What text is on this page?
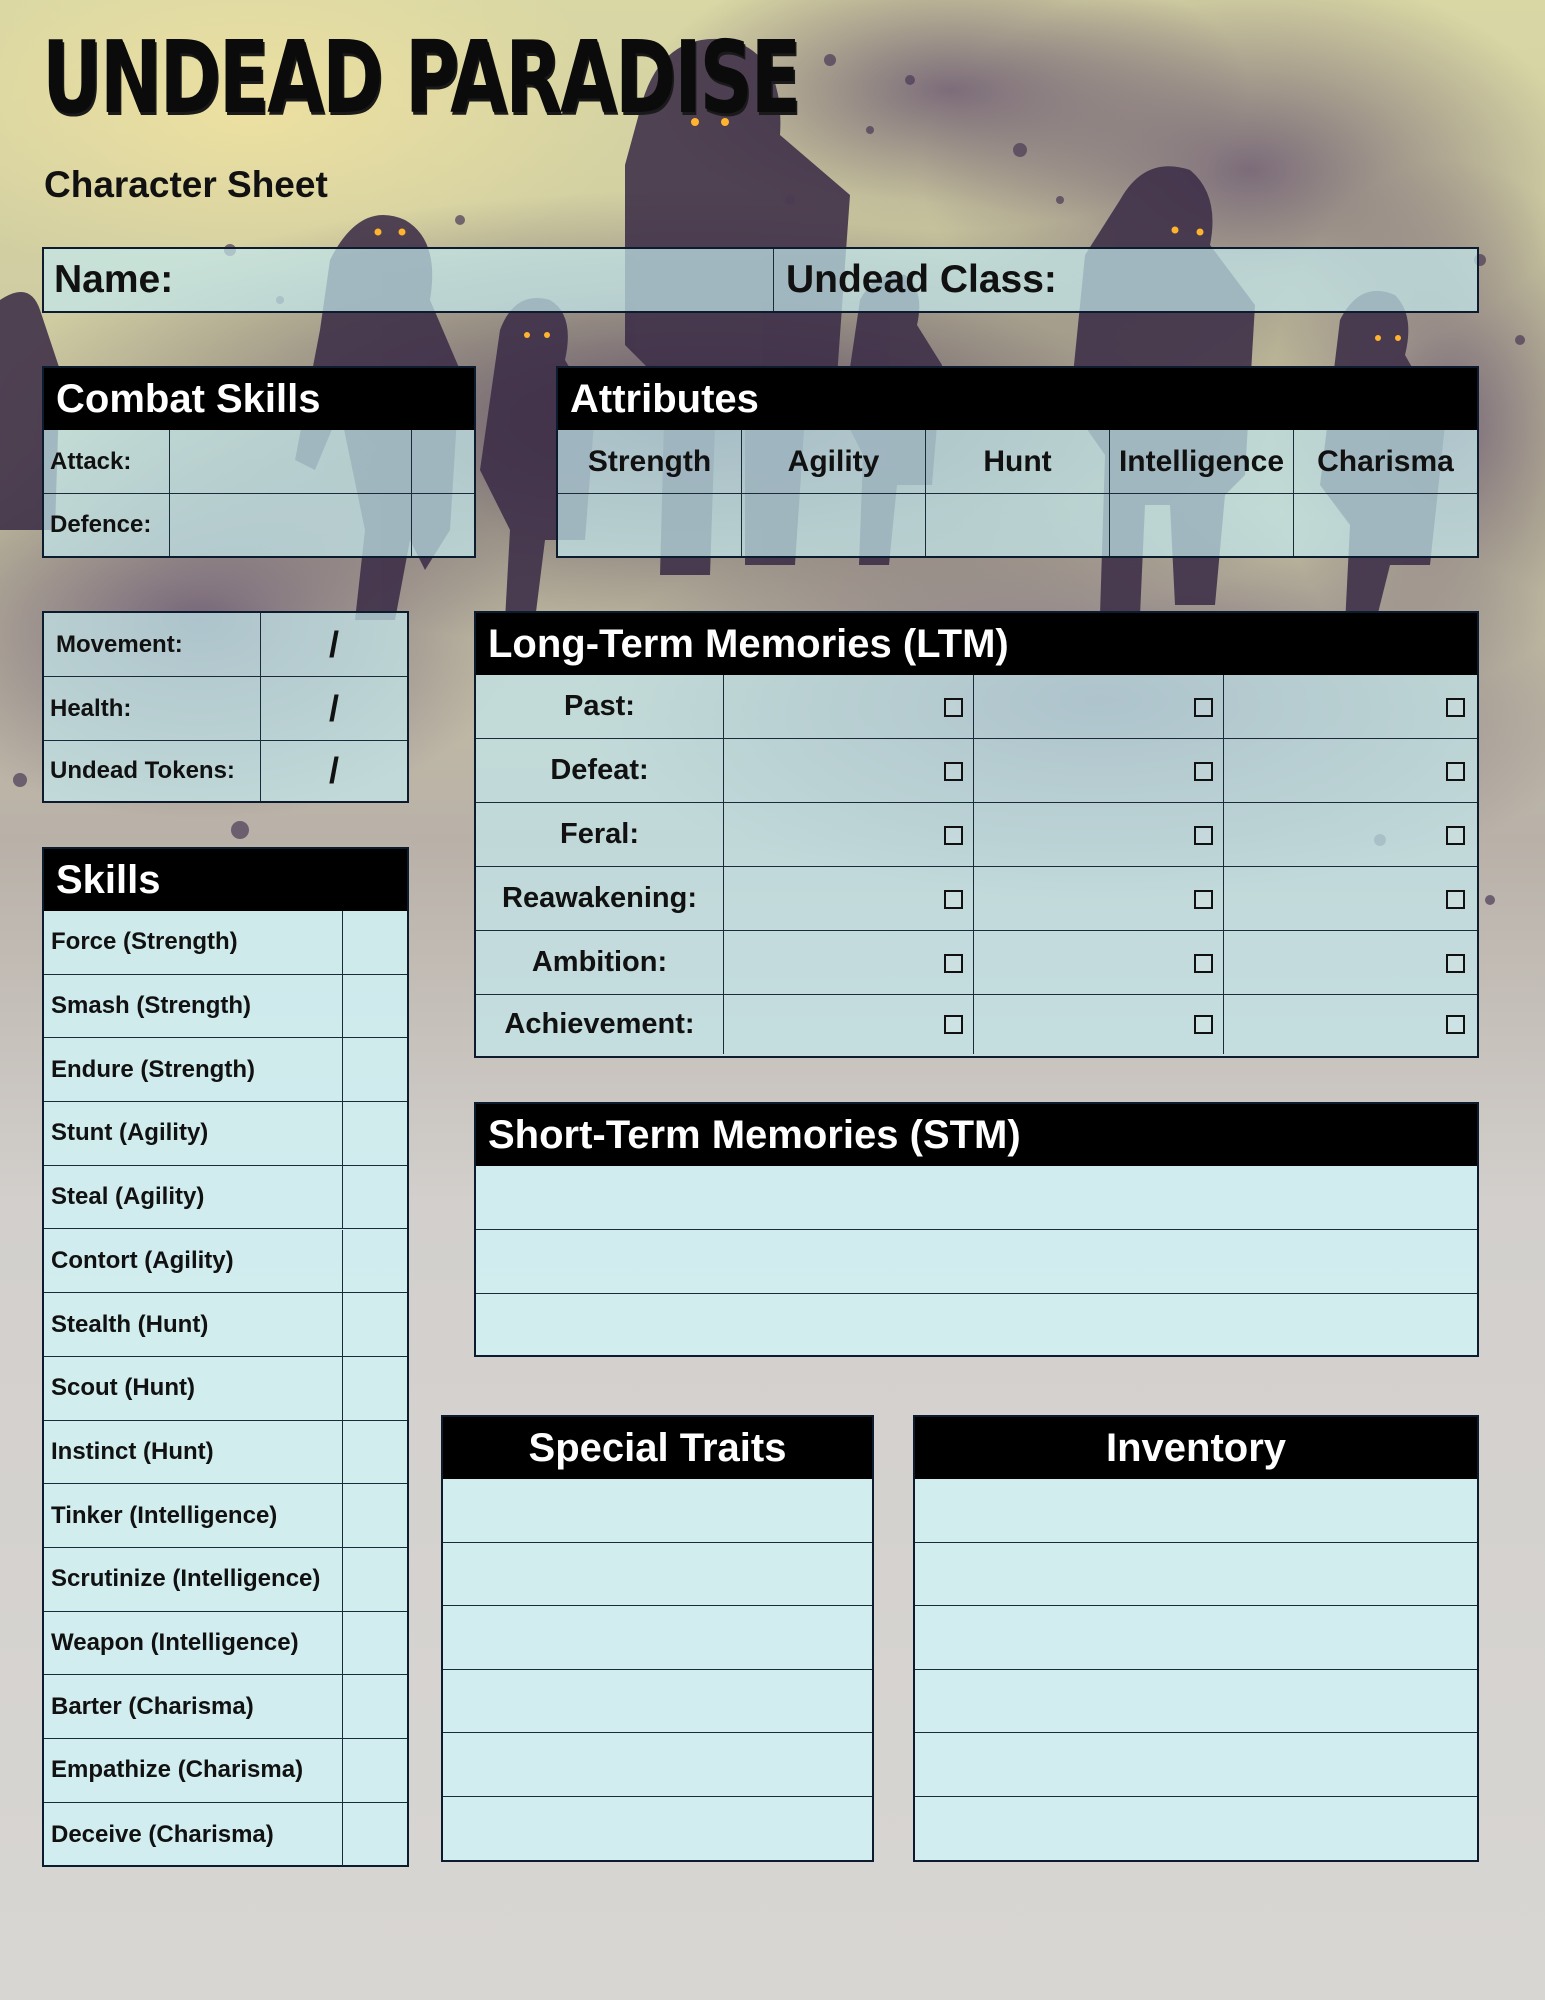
UNDEAD PARADISE
Character Sheet
Name:	Undead Class:
Combat Skills
Attack:
Defence:
Attributes
Strength	Agility	Hunt	Intelligence	Charisma
Movement:	/
Health:	/
Undead Tokens:	/
Long-Term Memories (LTM)
Past:
Defeat:
Feral:
Reawakening:
Ambition:
Achievement:
Skills
Force (Strength)
Smash (Strength)
Endure (Strength)
Stunt (Agility)
Steal (Agility)
Contort (Agility)
Stealth (Hunt)
Scout (Hunt)
Instinct (Hunt)
Tinker (Intelligence)
Scrutinize (Intelligence)
Weapon (Intelligence)
Barter (Charisma)
Empathize (Charisma)
Deceive (Charisma)
Short-Term Memories (STM)
Special Traits	Inventory
